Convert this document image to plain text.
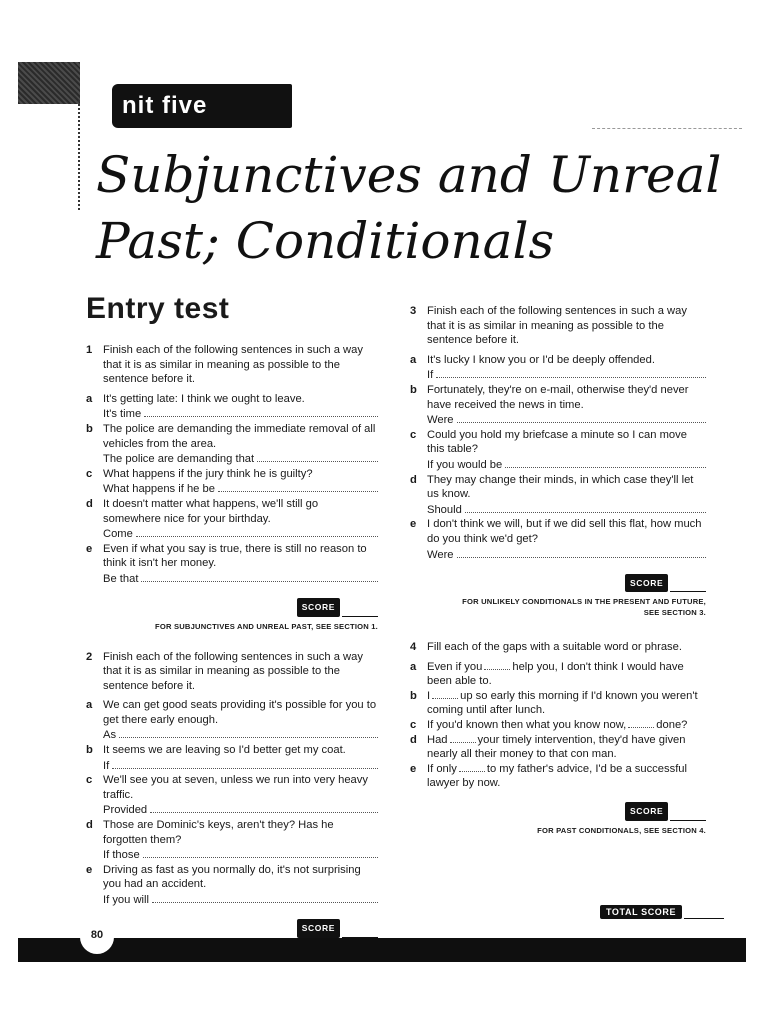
nit five
Subjunctives and Unreal
Past; Conditionals
Entry test

1 Finish each of the following sentences in such a way that it is as similar in meaning as possible to the sentence before it.

a It's getting late: I think we ought to leave.
It's time
b The police are demanding the immediate removal of all vehicles from the area.
The police are demanding that
c What happens if the jury think he is guilty?
What happens if he be
d It doesn't matter what happens, we'll still go somewhere nice for your birthday.
Come
e Even if what you say is true, there is still no reason to think it isn't her money.
Be that
SCORE
FOR SUBJUNCTIVES AND UNREAL PAST, SEE SECTION 1.

2 Finish each of the following sentences in such a way that it is as similar in meaning as possible to the sentence before it.

a We can get good seats providing it's possible for you to get there early enough.
As
b It seems we are leaving so I'd better get my coat.
If
c We'll see you at seven, unless we run into very heavy traffic.
Provided
d Those are Dominic's keys, aren't they? Has he forgotten them?
If those
e Driving as fast as you normally do, it's not surprising you had an accident.
If you will
SCORE

3 Finish each of the following sentences in such a way that it is as similar in meaning as possible to the sentence before it.

a It's lucky I know you or I'd be deeply offended.
If
b Fortunately, they're on e-mail, otherwise they'd never have received the news in time.
Were
c Could you hold my briefcase a minute so I can move this table?
If you would be
d They may change their minds, in which case they'll let us know.
Should
e I don't think we will, but if we did sell this flat, how much do you think we'd get?
Were
SCORE
FOR UNLIKELY CONDITIONALS IN THE PRESENT AND FUTURE,
SEE SECTION 3.

4 Fill each of the gaps with a suitable word or phrase.

a Even if you	help you, I don't think I would have been able to.
b I	up so early this morning if I'd known you weren't coming until after lunch.
c If you'd known then what you know now,	done?
d Had	your timely intervention, they'd have given nearly all their money to that con man.
e If only	to my father's advice, I'd be a successful lawyer by now.
SCORE
FOR PAST CONDITIONALS, SEE SECTION 4.
TOTAL SCORE
80
